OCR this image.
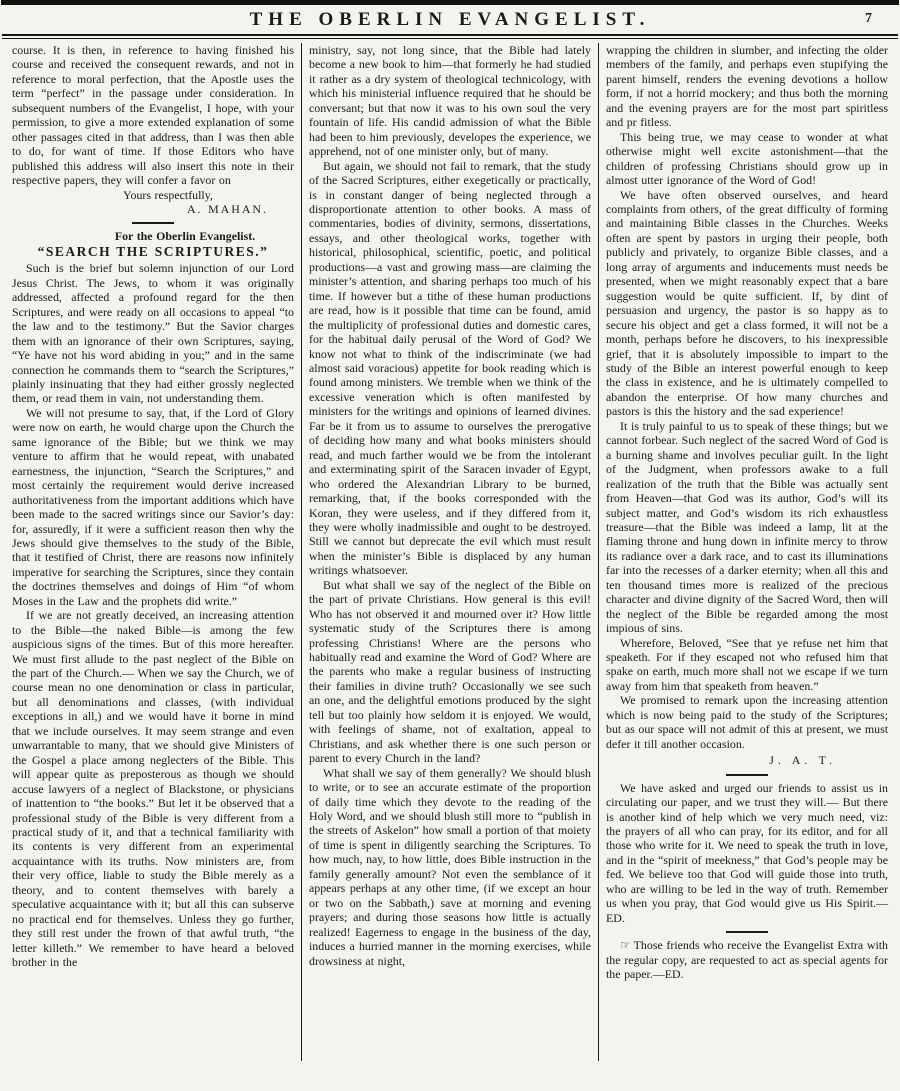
THE OBERLIN EVANGELIST.	7

course. It is then, in reference to having finished his course and received the consequent rewards, and not in reference to moral perfection, that the Apostle uses the term “perfect” in the passage under consideration. In subsequent numbers of the Evangelist, I hope, with your permission, to give a more extended explanation of some other passages cited in that address, than I was then able to do, for want of time. If those Editors who have published this address will also insert this note in their respective papers, they will confer a favor on

Yours respectfully,

A. MAHAN.

For the Oberlin Evangelist.

“SEARCH THE SCRIPTURES.”

Such is the brief but solemn injunction of our Lord Jesus Christ. The Jews, to whom it was originally addressed, affected a profound regard for the then Scriptures, and were ready on all occasions to appeal “to the law and to the testimony.” But the Savior charges them with an ignorance of their own Scriptures, saying, “Ye have not his word abiding in you;” and in the same connection he commands them to “search the Scriptures,” plainly insinuating that they had either grossly neglected them, or read them in vain, not understanding them.

We will not presume to say, that, if the Lord of Glory were now on earth, he would charge upon the Church the same ignorance of the Bible; but we think we may venture to affirm that he would repeat, with unabated earnestness, the injunction, “Search the Scriptures,” and most certainly the requirement would derive increased authoritativeness from the important additions which have been made to the sacred writings since our Savior’s day: for, assuredly, if it were a sufficient reason then why the Jews should give themselves to the study of the Bible, that it testified of Christ, there are reasons now infinitely imperative for searching the Scriptures, since they contain the doctrines themselves and doings of Him “of whom Moses in the Law and the prophets did write.”

If we are not greatly deceived, an increasing attention to the Bible—the naked Bible—is among the few auspicious signs of the times. But of this more hereafter. We must first allude to the past neglect of the Bible on the part of the Church.— When we say the Church, we of course mean no one denomination or class in particular, but all denominations and classes, (with individual exceptions in all,) and we would have it borne in mind that we include ourselves. It may seem strange and even unwarrantable to many, that we should give Ministers of the Gospel a place among neglecters of the Bible. This will appear quite as preposterous as though we should accuse lawyers of a neglect of Blackstone, or physicians of inattention to “the books.” But let it be observed that a professional study of the Bible is very different from a practical study of it, and that a technical familiarity with its contents is very different from an experimental acquaintance with its truths. Now ministers are, from their very office, liable to study the Bible merely as a theory, and to content themselves with barely a speculative acquaintance with it; but all this can subserve no practical end for themselves. Unless they go further, they still rest under the frown of that awful truth, “the letter killeth.” We remember to have heard a beloved brother in the

ministry, say, not long since, that the Bible had lately become a new book to him—that formerly he had studied it rather as a dry system of theological technicology, with which his ministerial influence required that he should be conversant; but that now it was to his own soul the very fountain of life. His candid admission of what the Bible had been to him previously, developes the experience, we apprehend, not of one minister only, but of many.

But again, we should not fail to remark, that the study of the Sacred Scriptures, either exegetically or practically, is in constant danger of being neglected through a disproportionate attention to other books. A mass of commentaries, bodies of divinity, sermons, dissertations, essays, and other theological works, together with historical, philosophical, scientific, poetic, and political productions—a vast and growing mass—are claiming the minister’s attention, and sharing perhaps too much of his time. If however but a tithe of these human productions are read, how is it possible that time can be found, amid the multiplicity of professional duties and domestic cares, for the habitual daily perusal of the Word of God? We know not what to think of the indiscriminate (we had almost said voracious) appetite for book reading which is found among ministers. We tremble when we think of the excessive veneration which is often manifested by ministers for the writings and opinions of learned divines. Far be it from us to assume to ourselves the prerogative of deciding how many and what books ministers should read, and much farther would we be from the intolerant and exterminating spirit of the Saracen invader of Egypt, who ordered the Alexandrian Library to be burned, remarking, that, if the books corresponded with the Koran, they were useless, and if they differed from it, they were wholly inadmissible and ought to be destroyed. Still we cannot but deprecate the evil which must result when the minister’s Bible is displaced by any human writings whatsoever.

But what shall we say of the neglect of the Bible on the part of private Christians. How general is this evil! Who has not observed it and mourned over it? How little systematic study of the Scriptures there is among professing Christians! Where are the persons who habitually read and examine the Word of God? Where are the parents who make a regular business of instructing their families in divine truth? Occasionally we see such an one, and the delightful emotions produced by the sight tell but too plainly how seldom it is enjoyed. We would, with feelings of shame, not of exaltation, appeal to Christians, and ask whether there is one such person or parent to every Church in the land?

What shall we say of them generally? We should blush to write, or to see an accurate estimate of the proportion of daily time which they devote to the reading of the Holy Word, and we should blush still more to “publish in the streets of Askelon” how small a portion of that moiety of time is spent in diligently searching the Scriptures. To how much, nay, to how little, does Bible instruction in the family generally amount? Not even the semblance of it appears perhaps at any other time, (if we except an hour or two on the Sabbath,) save at morning and evening prayers; and during those seasons how little is actually realized! Eagerness to engage in the business of the day, induces a hurried manner in the morning exercises, while drowsiness at night,

wrapping the children in slumber, and infecting the older members of the family, and perhaps even stupifying the parent himself, renders the evening devotions a hollow form, if not a horrid mockery; and thus both the morning and the evening prayers are for the most part spiritless and pr fitless.

This being true, we may cease to wonder at what otherwise might well excite astonishment—that the children of professing Christians should grow up in almost utter ignorance of the Word of God!

We have often observed ourselves, and heard complaints from others, of the great difficulty of forming and maintaining Bible classes in the Churches. Weeks often are spent by pastors in urging their people, both publicly and privately, to organize Bible classes, and a long array of arguments and inducements must needs be presented, when we might reasonably expect that a bare suggestion would be quite sufficient. If, by dint of persuasion and urgency, the pastor is so happy as to secure his object and get a class formed, it will not be a month, perhaps before he discovers, to his inexpressible grief, that it is absolutely impossible to impart to the study of the Bible an interest powerful enough to keep the class in existence, and he is ultimately compelled to abandon the enterprise. Of how many churches and pastors is this the history and the sad experience!

It is truly painful to us to speak of these things; but we cannot forbear. Such neglect of the sacred Word of God is a burning shame and involves peculiar guilt. In the light of the Judgment, when professors awake to a full realization of the truth that the Bible was actually sent from Heaven—that God was its author, God’s will its subject matter, and God’s wisdom its rich exhaustless treasure—that the Bible was indeed a lamp, lit at the flaming throne and hung down in infinite mercy to throw its radiance over a dark race, and to cast its illuminations far into the recesses of a darker eternity; when all this and ten thousand times more is realized of the precious character and divine dignity of the Sacred Word, then will the neglect of the Bible be regarded among the most impious of sins.

Wherefore, Beloved, “See that ye refuse net him that speaketh. For if they escaped not who refused him that spake on earth, much more shall not we escape if we turn away from him that speaketh from heaven.”

We promised to remark upon the increasing attention which is now being paid to the study of the Scriptures; but as our space will not admit of this at present, we must defer it till another occasion.

J. A. T.

We have asked and urged our friends to assist us in circulating our paper, and we trust they will.— But there is another kind of help which we very much need, viz: the prayers of all who can pray, for its editor, and for all those who write for it. We need to speak the truth in love, and in the “spirit of meekness,” that God’s people may be fed. We believe too that God will guide those into truth, who are willing to be led in the way of truth. Remember us when you pray, that God would give us His Spirit.—ED.

☞ Those friends who receive the Evangelist Extra with the regular copy, are requested to act as special agents for the paper.—ED.
